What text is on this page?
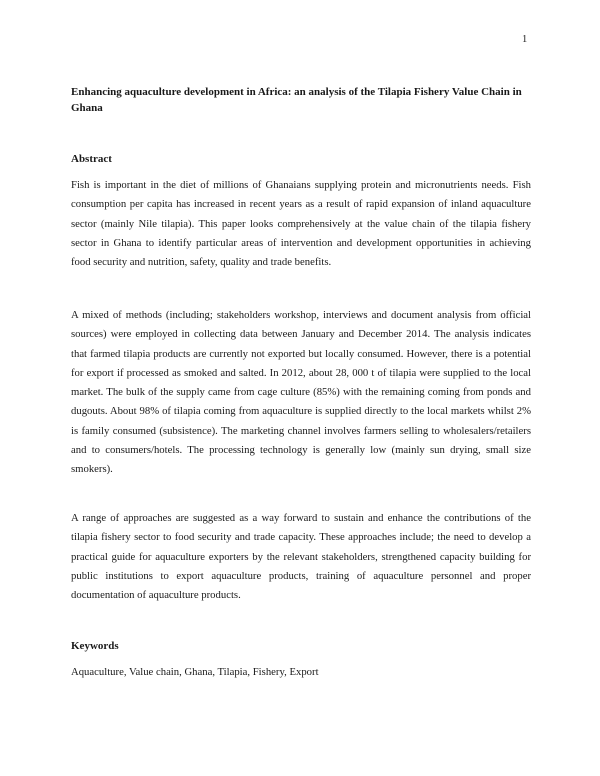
1
Enhancing aquaculture development in Africa: an analysis of the Tilapia Fishery Value Chain in Ghana
Abstract
Fish is important in the diet of millions of Ghanaians supplying protein and micronutrients needs. Fish consumption per capita has increased in recent years as a result of rapid expansion of inland aquaculture sector (mainly Nile tilapia). This paper looks comprehensively at the value chain of the tilapia fishery sector in Ghana to identify particular areas of intervention and development opportunities in achieving food security and nutrition, safety, quality and trade benefits.
A mixed of methods (including; stakeholders workshop, interviews and document analysis from official sources) were employed in collecting data between January and December 2014. The analysis indicates that farmed tilapia products are currently not exported but locally consumed. However, there is a potential for export if processed as smoked and salted. In 2012, about 28, 000 t of tilapia were supplied to the local market. The bulk of the supply came from cage culture (85%) with the remaining coming from ponds and dugouts. About 98% of tilapia coming from aquaculture is supplied directly to the local markets whilst 2% is family consumed (subsistence). The marketing channel involves farmers selling to wholesalers/retailers and to consumers/hotels. The processing technology is generally low (mainly sun drying, small size smokers).
A range of approaches are suggested as a way forward to sustain and enhance the contributions of the tilapia fishery sector to food security and trade capacity. These approaches include; the need to develop a practical guide for aquaculture exporters by the relevant stakeholders, strengthened capacity building for public institutions to export aquaculture products, training of aquaculture personnel and proper documentation of aquaculture products.
Keywords
Aquaculture, Value chain, Ghana, Tilapia, Fishery, Export
